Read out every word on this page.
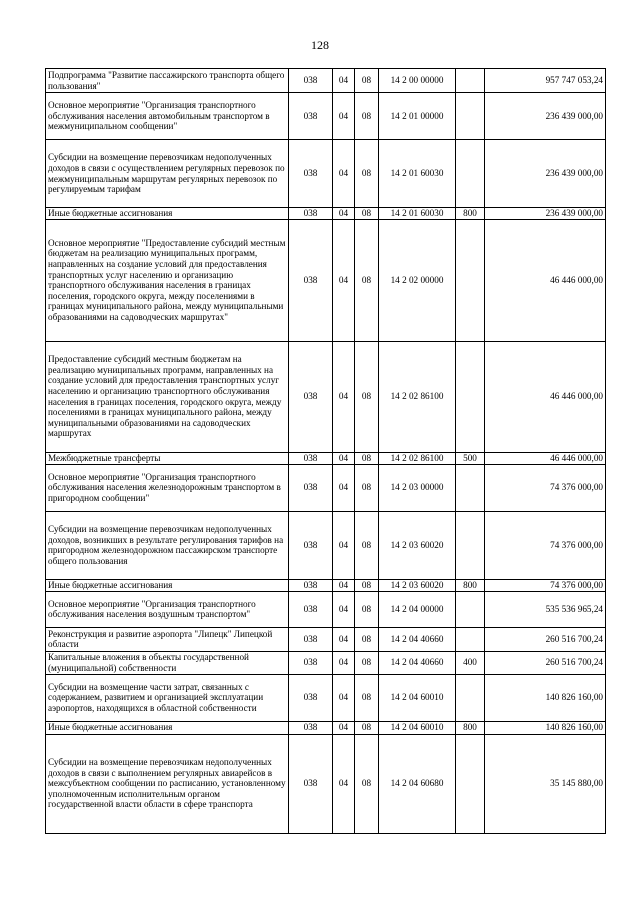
128
Подпрограмма "Развитие пассажирского транспорта общего пользования"	038	04	08	14 2 00 00000		957 747 053,24
Основное мероприятие "Организация транспортного обслуживания населения автомобильным транспортом в межмуниципальном сообщении"	038	04	08	14 2 01 00000		236 439 000,00
Субсидии на возмещение перевозчикам недополученных доходов в связи с осуществлением регулярных перевозок по межмуниципальным маршрутам регулярных перевозок по регулируемым тарифам	038	04	08	14 2 01 60030		236 439 000,00
Иные бюджетные ассигнования	038	04	08	14 2 01 60030	800	236 439 000,00
Основное мероприятие "Предоставление субсидий местным бюджетам на реализацию муниципальных программ, направленных на создание условий для предоставления транспортных услуг населению и организацию транспортного обслуживания населения в границах поселения, городского округа, между поселениями в границах муниципального района, между муниципальными образованиями на садоводческих маршрутах"	038	04	08	14 2 02 00000		46 446 000,00
Предоставление субсидий местным бюджетам на реализацию муниципальных программ, направленных на создание условий для предоставления транспортных услуг населению и организацию транспортного обслуживания населения в границах поселения, городского округа, между поселениями в границах муниципального района, между муниципальными образованиями на садоводческих маршрутах	038	04	08	14 2 02 86100		46 446 000,00
Межбюджетные трансферты	038	04	08	14 2 02 86100	500	46 446 000,00
Основное мероприятие "Организация транспортного обслуживания населения железнодорожным транспортом в пригородном сообщении"	038	04	08	14 2 03 00000		74 376 000,00
Субсидии на возмещение перевозчикам недополученных доходов, возникших в результате регулирования тарифов на пригородном железнодорожном пассажирском транспорте общего пользования	038	04	08	14 2 03 60020		74 376 000,00
Иные бюджетные ассигнования	038	04	08	14 2 03 60020	800	74 376 000,00
Основное мероприятие "Организация транспортного обслуживания населения воздушным транспортом"	038	04	08	14 2 04 00000		535 536 965,24
Реконструкция и развитие аэропорта "Липецк" Липецкой области	038	04	08	14 2 04 40660		260 516 700,24
Капитальные вложения в объекты государственной (муниципальной) собственности	038	04	08	14 2 04 40660	400	260 516 700,24
Субсидии на возмещение части затрат, связанных с содержанием, развитием и организацией эксплуатации аэропортов, находящихся в областной собственности	038	04	08	14 2 04 60010		140 826 160,00
Иные бюджетные ассигнования	038	04	08	14 2 04 60010	800	140 826 160,00
Субсидии на возмещение перевозчикам недополученных доходов в связи с выполнением регулярных авиарейсов в межсубъектном сообщении по расписанию, установленному уполномоченным исполнительным органом государственной власти области в сфере транспорта	038	04	08	14 2 04 60680		35 145 880,00
